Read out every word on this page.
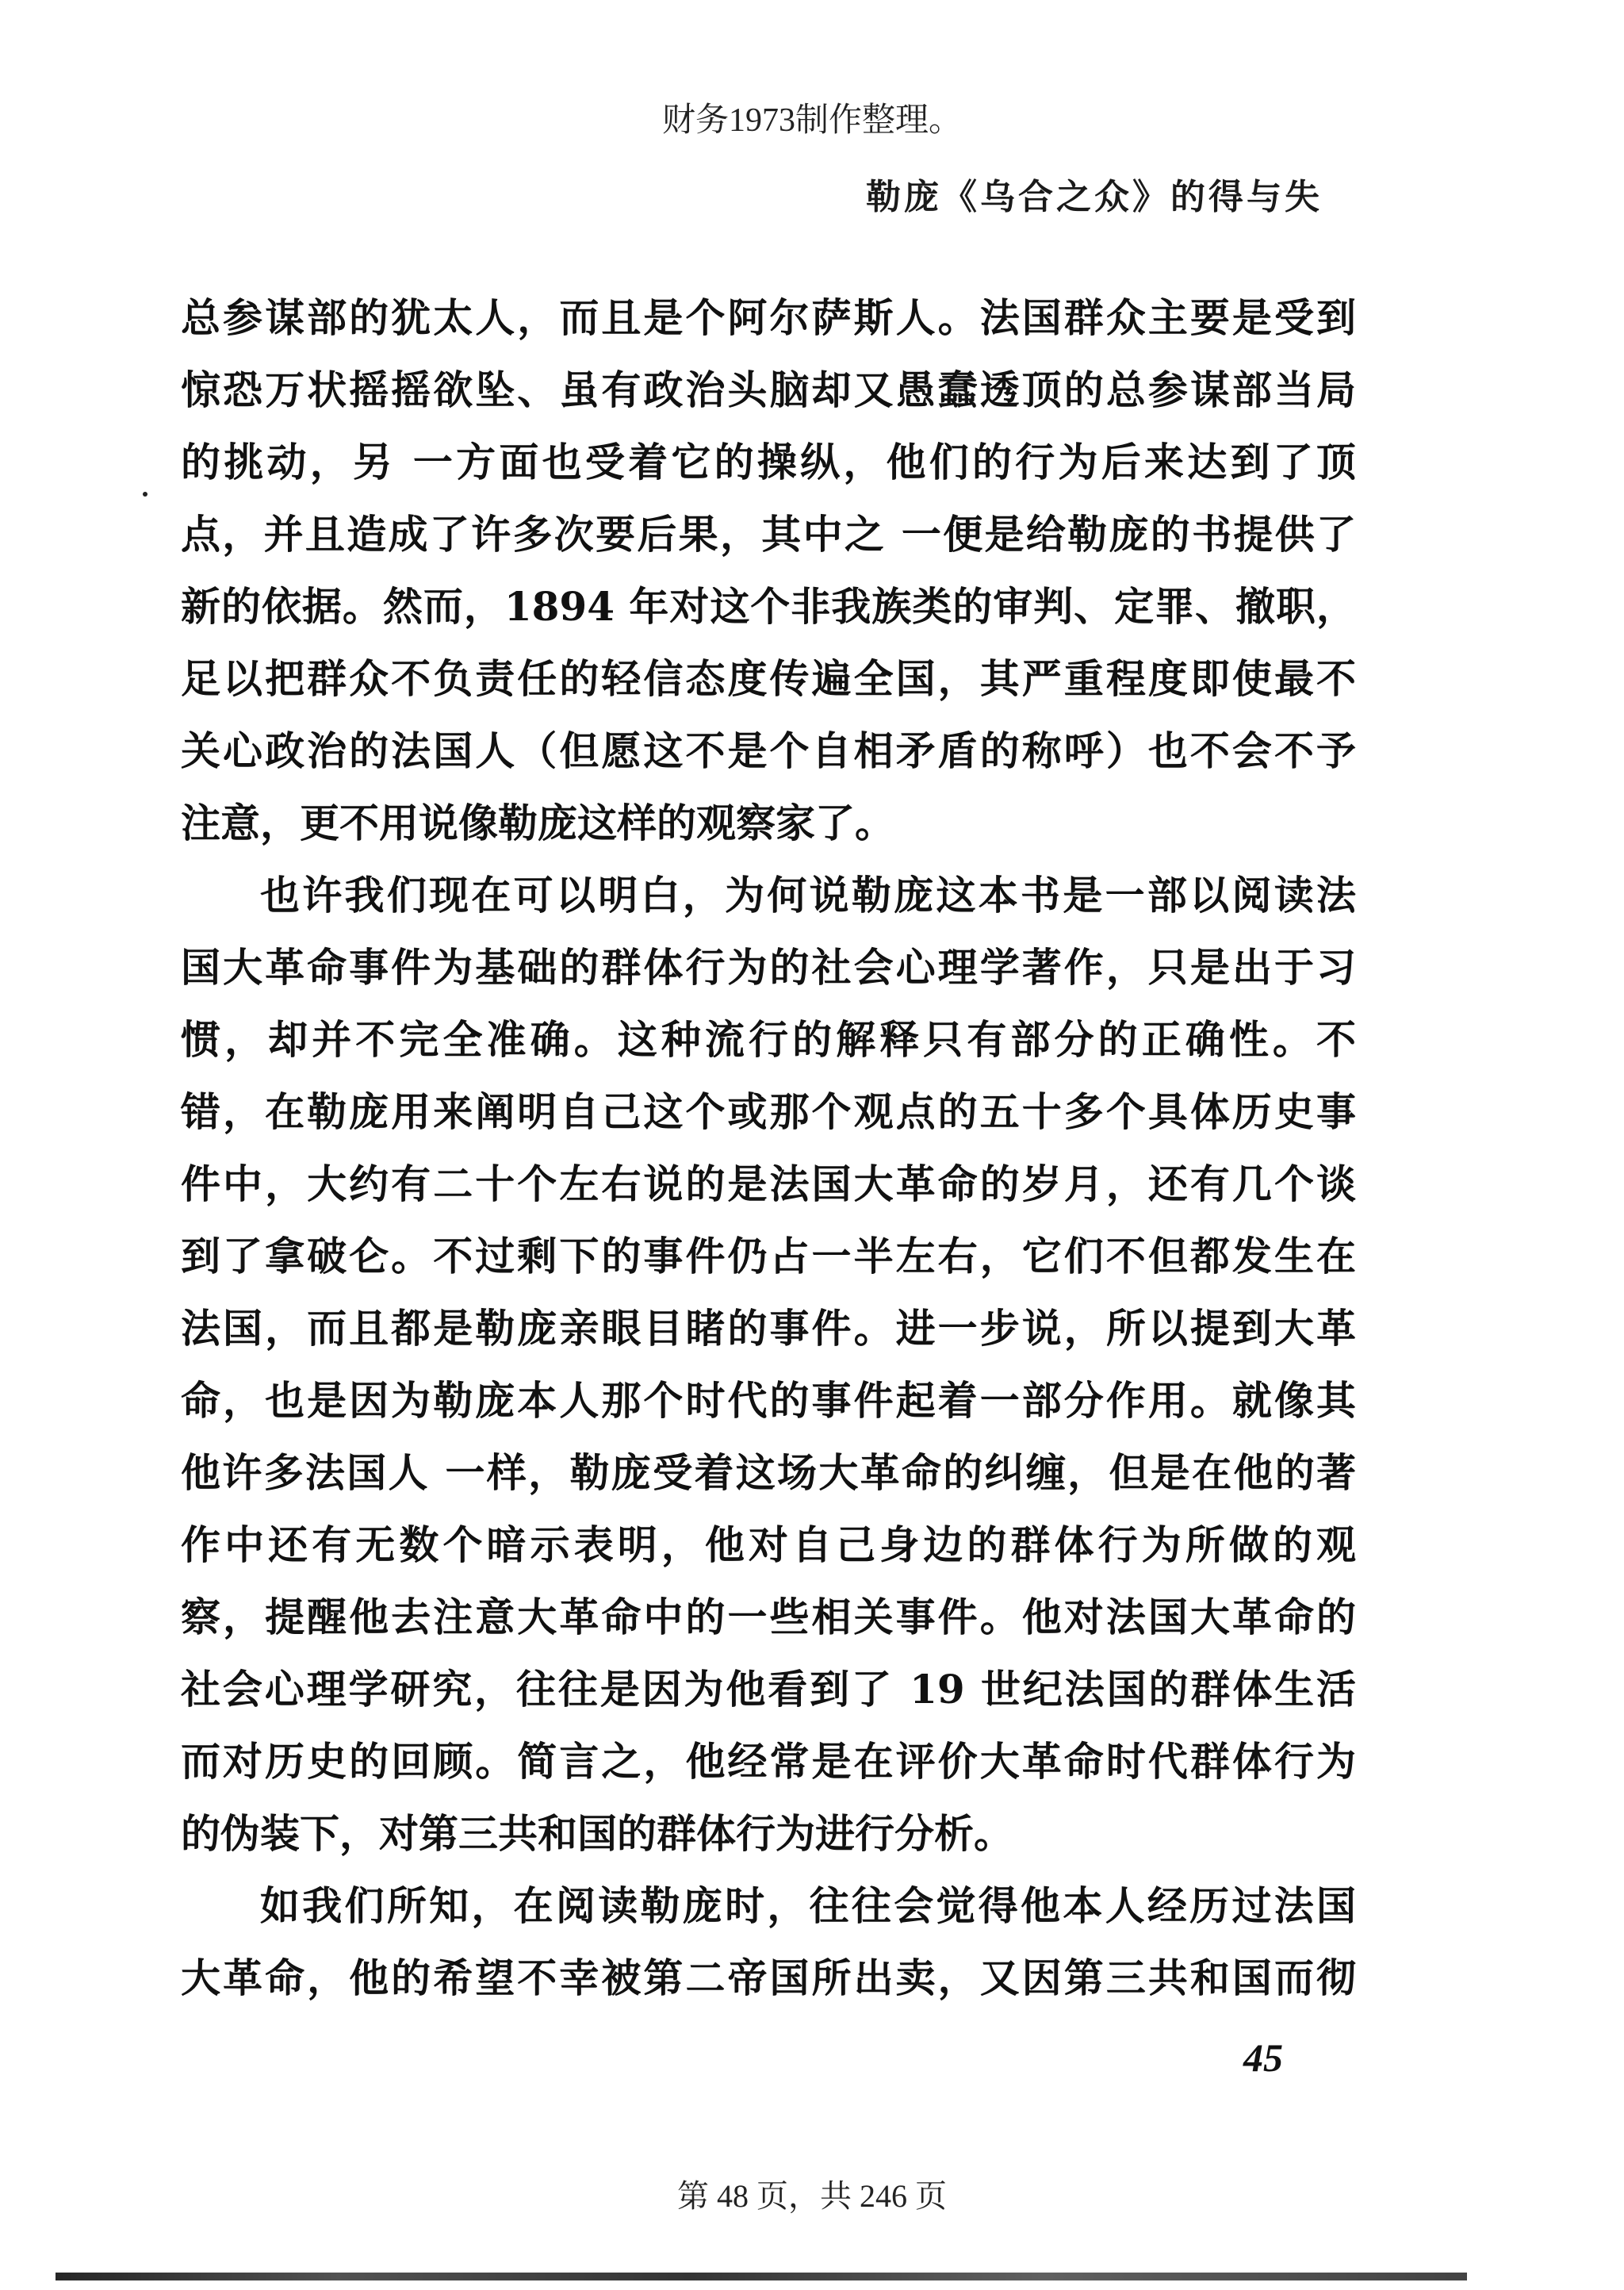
财务1973制作整理。
勒庞《乌合之众》的得与失
总参谋部的犹太人，而且是个阿尔萨斯人。法国群众主要是受到
惊恐万状摇摇欲坠、虽有政治头脑却又愚蠢透顶的总参谋部当局
的挑动，另 一方面也受着它的操纵，他们的行为后来达到了顶
点，并且造成了许多次要后果，其中之 一便是给勒庞的书提供了
新的依据。然而，1894 年对这个非我族类的审判、定罪、撤职，
足以把群众不负责任的轻信态度传遍全国，其严重程度即使最不
关心政治的法国人（但愿这不是个自相矛盾的称呼）也不会不予
注意，更不用说像勒庞这样的观察家了。
也许我们现在可以明白，为何说勒庞这本书是一部以阅读法
国大革命事件为基础的群体行为的社会心理学著作，只是出于习
惯，却并不完全准确。这种流行的解释只有部分的正确性。不
错，在勒庞用来阐明自己这个或那个观点的五十多个具体历史事
件中，大约有二十个左右说的是法国大革命的岁月，还有几个谈
到了拿破仑。不过剩下的事件仍占一半左右，它们不但都发生在
法国，而且都是勒庞亲眼目睹的事件。进一步说，所以提到大革
命，也是因为勒庞本人那个时代的事件起着一部分作用。就像其
他许多法国人 一样，勒庞受着这场大革命的纠缠，但是在他的著
作中还有无数个暗示表明，他对自己身边的群体行为所做的观
察，提醒他去注意大革命中的一些相关事件。他对法国大革命的
社会心理学研究，往往是因为他看到了 19 世纪法国的群体生活
而对历史的回顾。简言之，他经常是在评价大革命时代群体行为
的伪装下，对第三共和国的群体行为进行分析。
如我们所知，在阅读勒庞时，往往会觉得他本人经历过法国
大革命，他的希望不幸被第二帝国所出卖，又因第三共和国而彻
45
第 48 页，共 246 页
